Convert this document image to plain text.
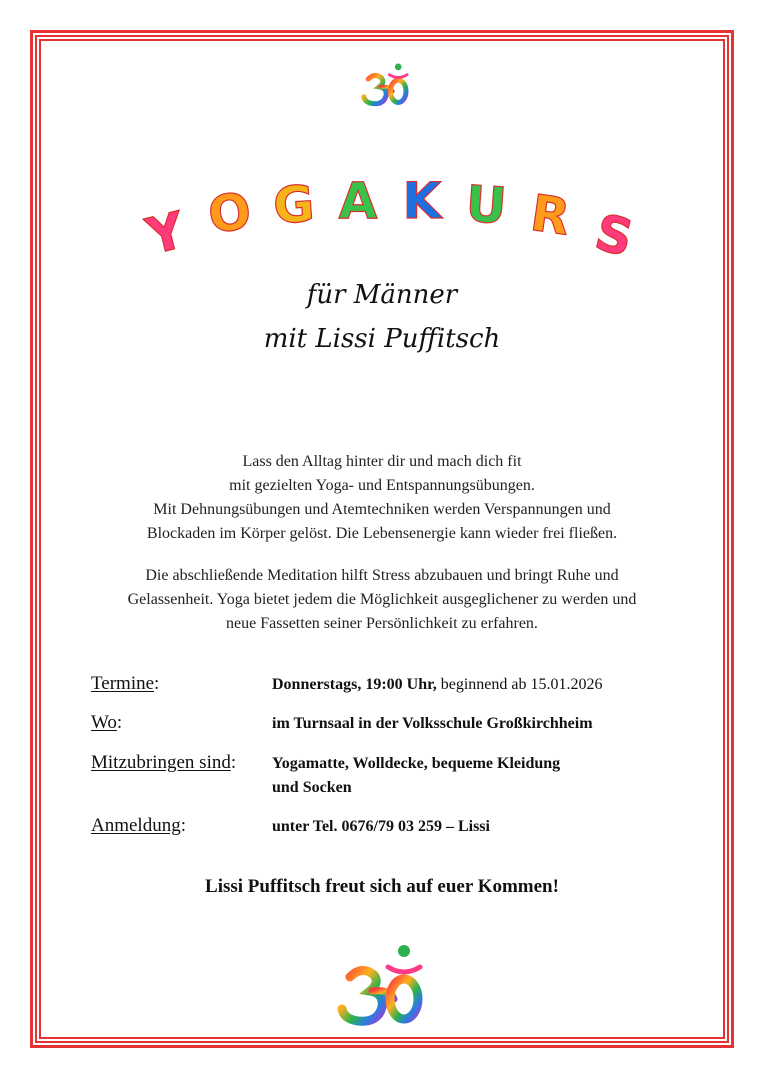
Y O G A K U R S
für Männer
mit Lissi Puffitsch

Lass den Alltag hinter dir und mach dich fit

mit gezielten Yoga- und Entspannungsübungen.

Mit Dehnungsübungen und Atemtechniken werden Verspannungen und

Blockaden im Körper gelöst. Die Lebensenergie kann wieder frei fließen.

Die abschließende Meditation hilft Stress abzubauen und bringt Ruhe und

Gelassenheit. Yoga bietet jedem die Möglichkeit ausgeglichener zu werden und

neue Fassetten seiner Persönlichkeit zu erfahren.

Termine:	Donnerstags, 19:00 Uhr, beginnend ab 15.01.2026
Wo:	im Turnsaal in der Volksschule Großkirchheim
Mitzubringen sind: Yogamatte, Wolldecke, bequeme Kleidung
und Socken
Anmeldung:	unter Tel. 0676/79 03 259 – Lissi
Lissi Puffitsch freut sich auf euer Kommen!
